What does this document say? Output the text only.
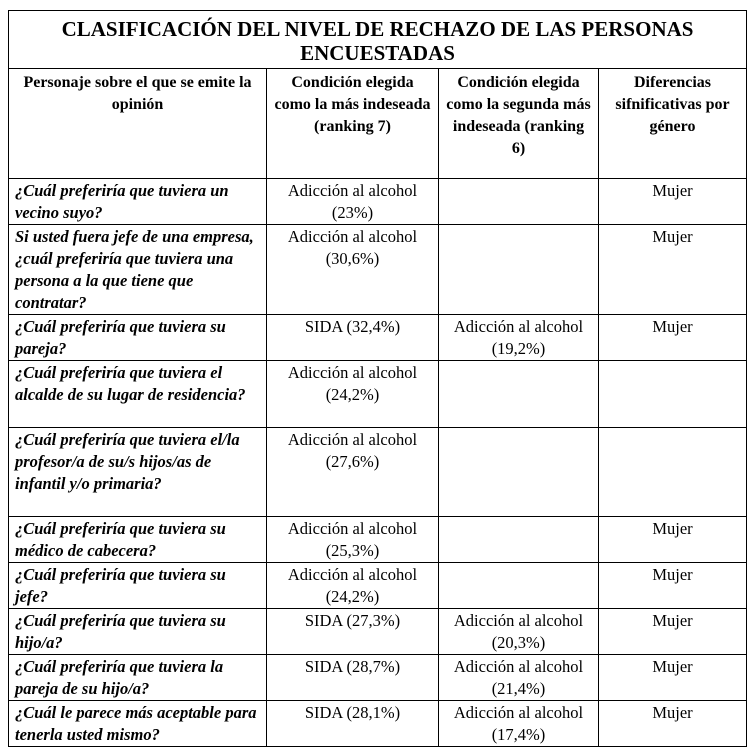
CLASIFICACIÓN DEL NIVEL DE RECHAZO DE LAS PERSONAS ENCUESTADAS			
Personaje sobre el que se emite la opinión	Condición elegida como la más indeseada (ranking 7)	Condición elegida como la segunda más indeseada (ranking 6)	Diferencias sifnificativas por género
¿Cuál preferiría que tuviera un vecino suyo?	Adicción al alcohol (23%)		Mujer
Si usted fuera jefe de una empresa, ¿cuál preferiría que tuviera una persona a la que tiene que contratar?	Adicción al alcohol (30,6%)		Mujer
¿Cuál preferiría que tuviera su pareja?	SIDA (32,4%)	Adicción al alcohol (19,2%)	Mujer
¿Cuál preferiría que tuviera el alcalde de su lugar de residencia?	Adicción al alcohol (24,2%)		
¿Cuál preferiría que tuviera el/la profesor/a de su/s hijos/as de infantil y/o primaria?	Adicción al alcohol (27,6%)		
¿Cuál preferiría que tuviera su médico de cabecera?	Adicción al alcohol (25,3%)		Mujer
¿Cuál preferiría que tuviera su jefe?	Adicción al alcohol (24,2%)		Mujer
¿Cuál preferiría que tuviera su hijo/a?	SIDA (27,3%)	Adicción al alcohol (20,3%)	Mujer
¿Cuál preferiría que tuviera la pareja de su hijo/a?	SIDA (28,7%)	Adicción al alcohol (21,4%)	Mujer
¿Cuál le parece más aceptable para tenerla usted mismo?	SIDA (28,1%)	Adicción al alcohol (17,4%)	Mujer
